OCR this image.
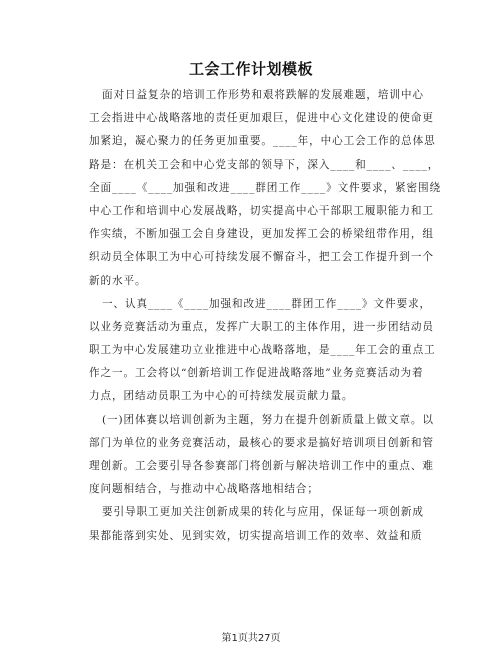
工会工作计划模板
面对日益复杂的培训工作形势和艰将跌解的发展难题，培训中心
工会指进中心战略落地的责任更加艰巨，促进中心文化建设的使命更
加紧迫，凝心聚力的任务更加重要。____年，中心工会工作的总体思
路是：在机关工会和中心党支部的领导下，深入____和____、____，
全面____《____加强和改进____群团工作____》文件要求，紧密围绕
中心工作和培训中心发展战略，切实提高中心干部职工履职能力和工
作实绩，不断加强工会自身建设，更加发挥工会的桥梁纽带作用，组
织动员全体职工为中心可持续发展不懈奋斗，把工会工作提升到一个
新的水平。
一、认真____《____加强和改进____群团工作____》文件要求，
以业务竞赛活动为重点，发挥广大职工的主体作用，进一步团结动员
职工为中心发展建功立业推进中心战略落地，是____年工会的重点工
作之一。工会将以“创新培训工作促进战略落地”业务竞赛活动为着
力点，团结动员职工为中心的可持续发展贡献力量。
(一)团体赛以培训创新为主题，努力在提升创新质量上做文章。以
部门为单位的业务竞赛活动，最核心的要求是搞好培训项目创新和管
理创新。工会要引导各参赛部门将创新与解决培训工作中的重点、难
度问题相结合，与推动中心战略落地相结合；
要引导职工更加关注创新成果的转化与应用，保证每一项创新成
果都能落到实处、见到实效，切实提高培训工作的效率、效益和质
第1页共27页
